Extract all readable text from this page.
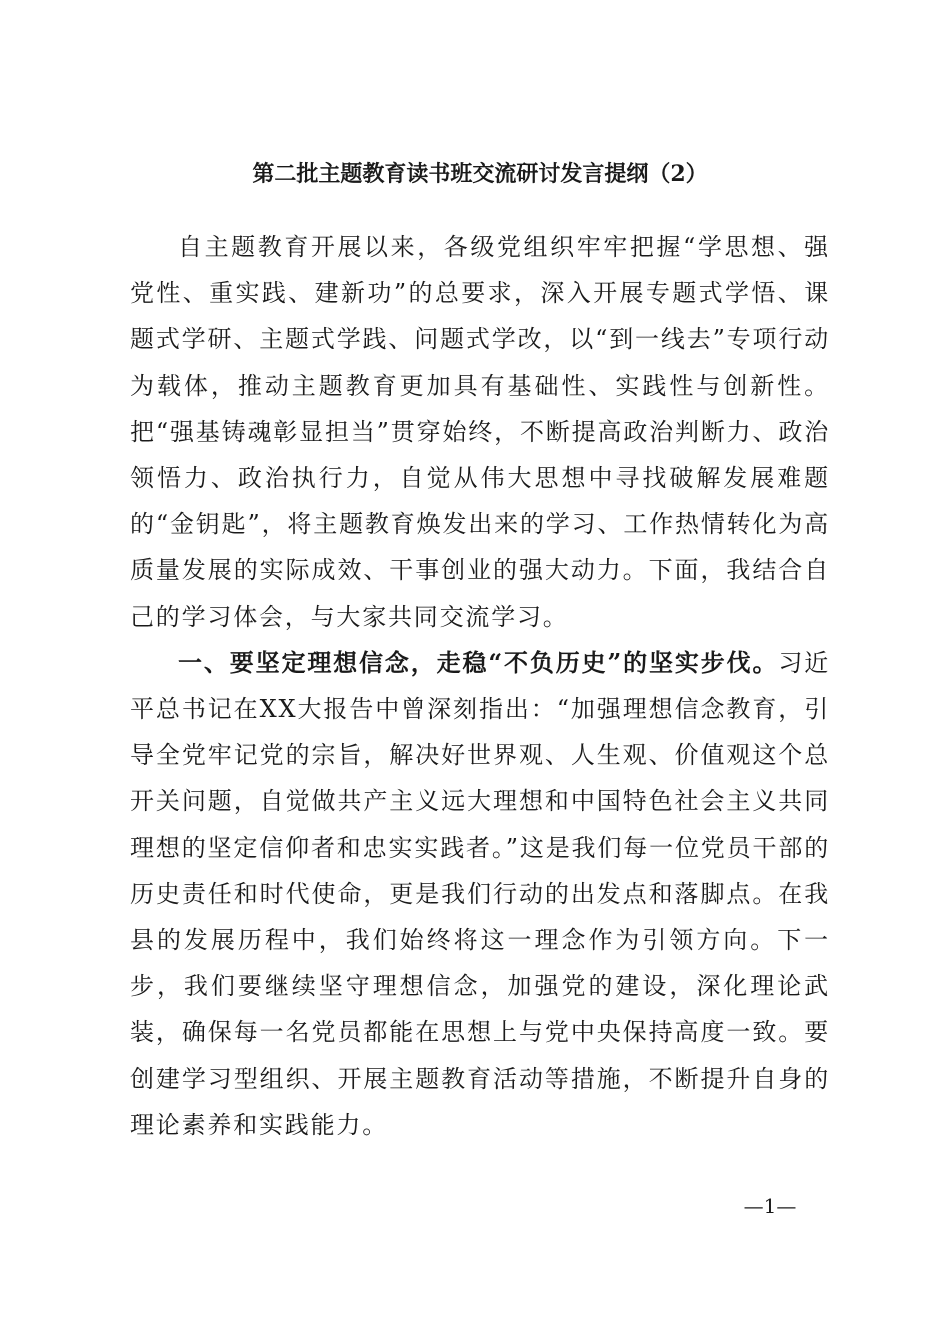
第二批主题教育读书班交流研讨发言提纲（2）

自主题教育开展以来，各级党组织牢牢把握“学思想、强党性、重实践、建新功”的总要求，深入开展专题式学悟、课题式学研、主题式学践、问题式学改，以“到一线去”专项行动为载体，推动主题教育更加具有基础性、实践性与创新性。把“强基铸魂彰显担当”贯穿始终，不断提高政治判断力、政治领悟力、政治执行力，自觉从伟大思想中寻找破解发展难题的“金钥匙”，将主题教育焕发出来的学习、工作热情转化为高质量发展的实际成效、干事创业的强大动力。下面，我结合自己的学习体会，与大家共同交流学习。

一、要坚定理想信念，走稳“不负历史”的坚实步伐。习近平总书记在XX大报告中曾深刻指出：“加强理想信念教育，引导全党牢记党的宗旨，解决好世界观、人生观、价值观这个总开关问题，自觉做共产主义远大理想和中国特色社会主义共同理想的坚定信仰者和忠实实践者。”这是我们每一位党员干部的历史责任和时代使命，更是我们行动的出发点和落脚点。在我县的发展历程中，我们始终将这一理念作为引领方向。下一步，我们要继续坚守理想信念，加强党的建设，深化理论武装，确保每一名党员都能在思想上与党中央保持高度一致。要创建学习型组织、开展主题教育活动等措施，不断提升自身的理论素养和实践能力。

—1—
